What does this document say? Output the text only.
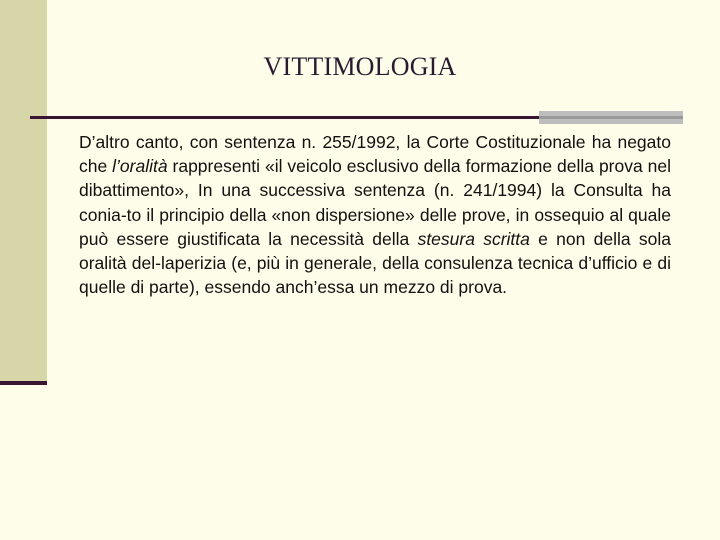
VITTIMOLOGIA

D’altro canto, con sentenza n. 255/1992, la Corte Costituzionale ha negato che l’oralità rappresenti «il veicolo esclusivo della formazione della prova nel dibattimento», In una successiva sentenza (n. 241/1994) la Consulta ha conia-to il principio della «non dispersione» delle prove, in ossequio al quale può essere giustificata la necessità della stesura scritta e non della sola oralità del-laperizia (e, più in generale, della consulenza tecnica d’ufficio e di quelle di parte), essendo anch’essa un mezzo di prova.
